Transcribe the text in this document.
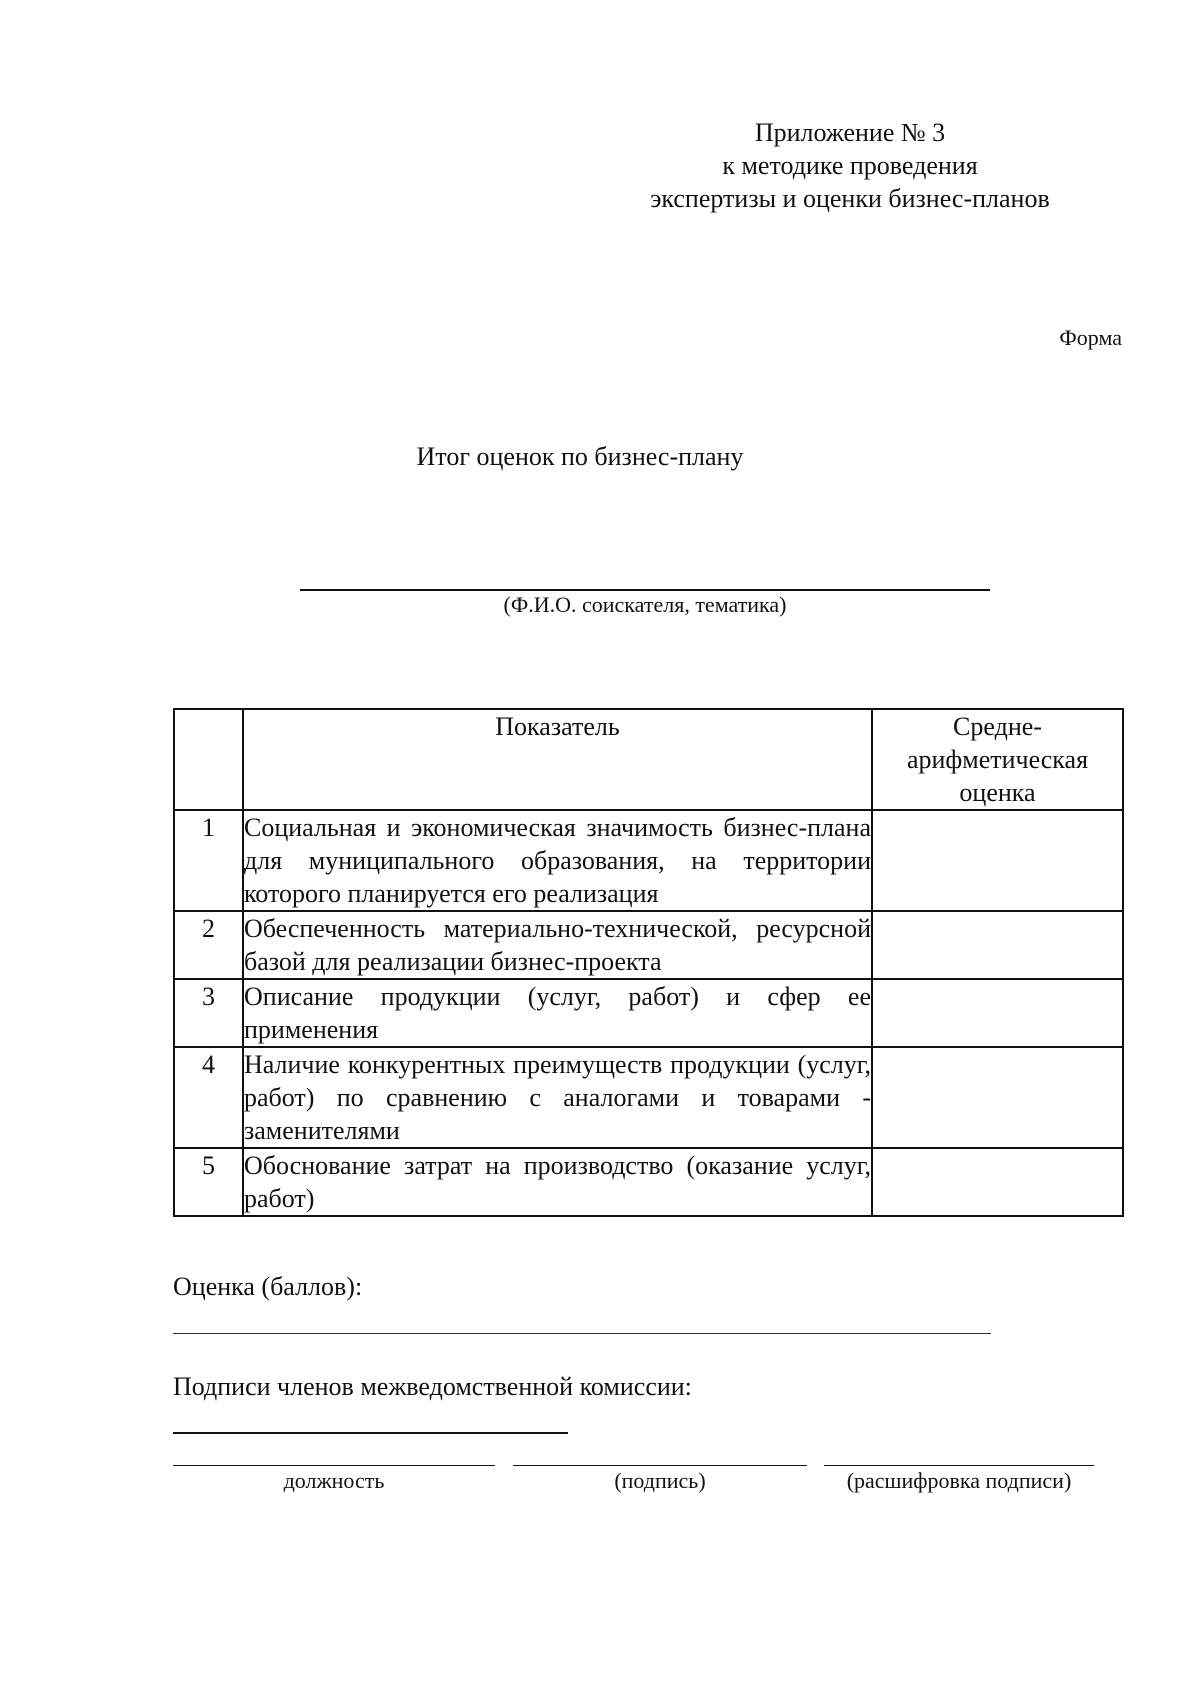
Приложение № 3
к методике проведения
экспертизы и оценки бизнес-планов
Форма
Итог оценок по бизнес-плану
(Ф.И.О. соискателя, тематика)
	Показатель	Средне-
арифметическая
оценка

1	Социальная и экономическая значимость бизнес-плана для муниципального образования, на территории которого планируется его реализация	
2	Обеспеченность материально-технической, ресурсной базой для реализации бизнес-проекта	
3	Описание продукции (услуг, работ) и сфер ее применения	
4	Наличие конкурентных преимуществ продукции (услуг, работ) по сравнению с аналогами и товарами - заменителями	
5	Обоснование затрат на производство (оказание услуг, работ)	
Оценка (баллов):
Подписи членов межведомственной комиссии:
должность	(подпись)	(расшифровка подписи)
